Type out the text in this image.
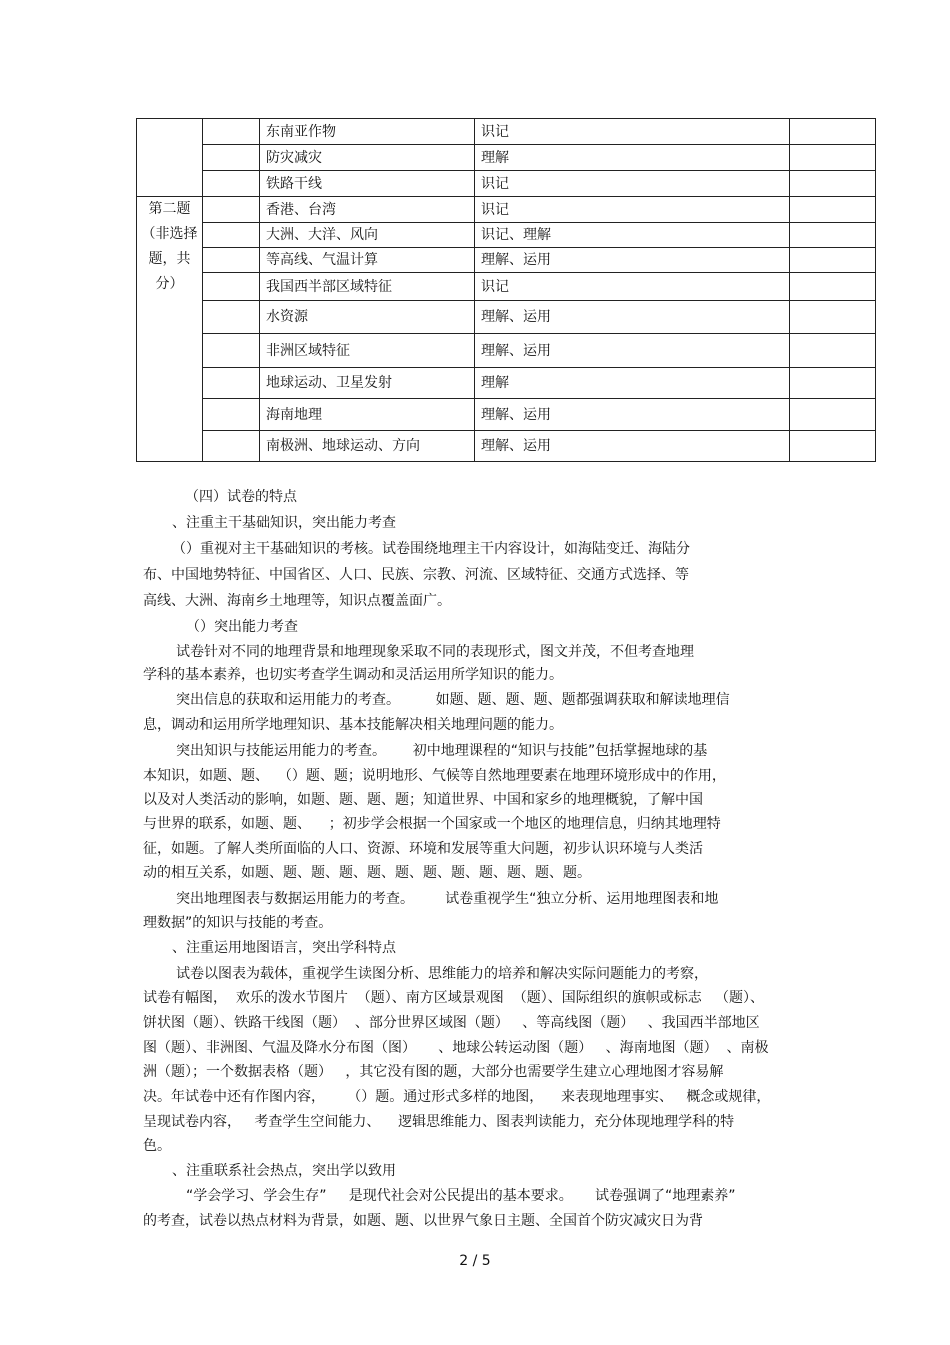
		东南亚作物	识记	
		防灾减灾	理解	
		铁路干线	识记	

第二题（非选择题，共分）		香港、台湾	识记	
		大洲、大洋、风向	识记、理解	
		等高线、气温计算	理解、运用	
		我国西半部区域特征	识记	
		水资源	理解、运用	
		非洲区域特征	理解、运用	
		地球运动、卫星发射	理解	
		海南地理	理解、运用	
		南极洲、地球运动、方向	理解、运用	
（四）试卷的特点
、注重主干基础知识，突出能力考查
（）重视对主干基础知识的考核。试卷围绕地理主干内容设计，如海陆变迁、海陆分
布、中国地势特征、中国省区、人口、民族、宗教、河流、区域特征、交通方式选择、等
高线、大洲、海南乡土地理等，知识点覆盖面广。
（）突出能力考查
试卷针对不同的地理背景和地理现象采取不同的表现形式，图文并茂，不但考查地理
学科的基本素养，也切实考查学生调动和灵活运用所学知识的能力。
突出信息的获取和运用能力的考查。        如题、题、题、题、题都强调获取和解读地理信
息，调动和运用所学地理知识、基本技能解决相关地理问题的能力。
突出知识与技能运用能力的考查。      初中地理课程的“知识与技能”包括掌握地球的基
本知识，如题、题、  （）题、题；说明地形、气候等自然地理要素在地理环境形成中的作用，
以及对人类活动的影响，如题、题、题、题；知道世界、中国和家乡的地理概貌，了解中国
与世界的联系，如题、题、    ；初步学会根据一个国家或一个地区的地理信息，归纳其地理特
征，如题。了解人类所面临的人口、资源、环境和发展等重大问题，初步认识环境与人类活
动的相互关系，如题、题、题、题、题、题、题、题、题、题、题、题。
突出地理图表与数据运用能力的考查。       试卷重视学生“独立分析、运用地理图表和地
理数据”的知识与技能的考查。
、注重运用地图语言，突出学科特点
试卷以图表为载体，重视学生读图分析、思维能力的培养和解决实际问题能力的考察，
试卷有幅图，  欢乐的泼水节图片  （题）、南方区域景观图  （题）、国际组织的旗帜或标志   （题）、
饼状图（题）、铁路干线图（题）  、部分世界区域图（题）   、等高线图（题）   、我国西半部地区
图（题）、非洲图、气温及降水分布图（图）     、地球公转运动图（题）   、海南地图（题）  、南极
洲（题）；一个数据表格（题）   ，其它没有图的题，大部分也需要学生建立心理地图才容易解
决。年试卷中还有作图内容，     （）题。通过形式多样的地图，    来表现地理事实、   概念或规律，
呈现试卷内容，   考查学生空间能力、    逻辑思维能力、图表判读能力，充分体现地理学科的特
色。
、注重联系社会热点，突出学以致用
“学会学习、学会生存”     是现代社会对公民提出的基本要求。     试卷强调了“地理素养”
的考查，试卷以热点材料为背景，如题、题、以世界气象日主题、全国首个防灾减灾日为背
2 / 5
